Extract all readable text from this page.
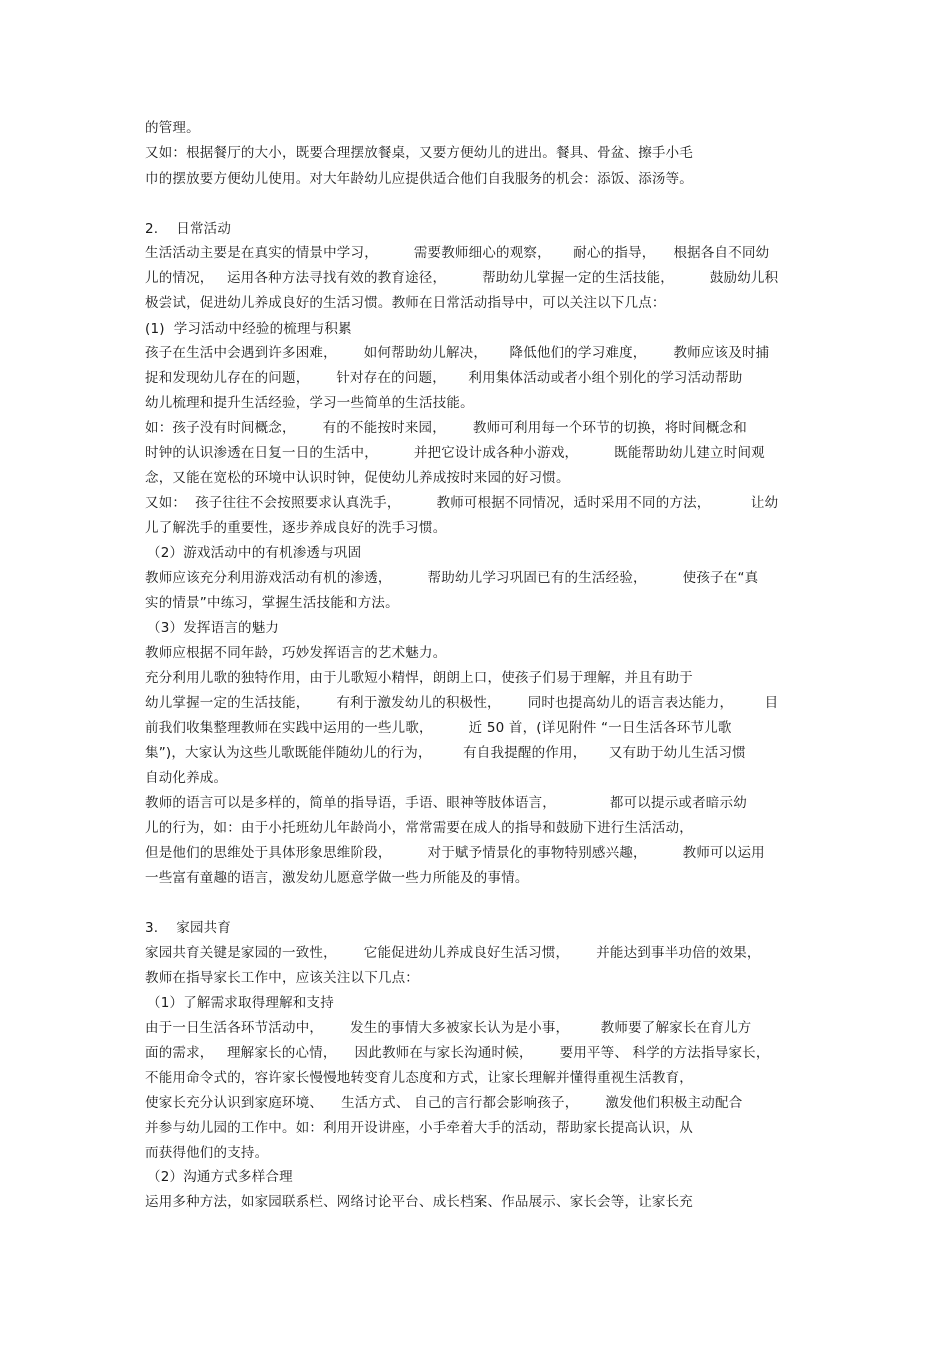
的管理。

又如：根据餐厅的大小，既要合理摆放餐桌，又要方便幼儿的进出。餐具、骨盆、擦手小毛

巾的摆放要方便幼儿使用。对大年龄幼儿应提供适合他们自我服务的机会：添饭、添汤等。

2.    日常活动

生活活动主要是在真实的情景中学习，        需要教师细心的观察，     耐心的指导，    根据各自不同幼

儿的情况，   运用各种方法寻找有效的教育途径，        帮助幼儿掌握一定的生活技能，        鼓励幼儿积

极尝试，促进幼儿养成良好的生活习惯。教师在日常活动指导中，可以关注以下几点：

(1)  学习活动中经验的梳理与积累

孩子在生活中会遇到许多困难，      如何帮助幼儿解决，     降低他们的学习难度，      教师应该及时捕

捉和发现幼儿存在的问题，      针对存在的问题，     利用集体活动或者小组个别化的学习活动帮助

幼儿梳理和提升生活经验，学习一些简单的生活技能。

如：孩子没有时间概念，      有的不能按时来园，      教师可利用每一个环节的切换，将时间概念和

时钟的认识渗透在日复一日的生活中，        并把它设计成各种小游戏，        既能帮助幼儿建立时间观

念，又能在宽松的环境中认识时钟，促使幼儿养成按时来园的好习惯。

又如：  孩子往往不会按照要求认真洗手，        教师可根据不同情况，适时采用不同的方法，         让幼

儿了解洗手的重要性，逐步养成良好的洗手习惯。

（2）游戏活动中的有机渗透与巩固

教师应该充分利用游戏活动有机的渗透，        帮助幼儿学习巩固已有的生活经验，        使孩子在“真

实的情景”中练习，掌握生活技能和方法。

（3）发挥语言的魅力

教师应根据不同年龄，巧妙发挥语言的艺术魅力。

充分利用儿歌的独特作用，由于儿歌短小精悍，朗朗上口，使孩子们易于理解，并且有助于

幼儿掌握一定的生活技能，      有利于激发幼儿的积极性，      同时也提高幼儿的语言表达能力，       目

前我们收集整理教师在实践中运用的一些儿歌，        近 50 首，(详见附件 “一日生活各环节儿歌

集”)，大家认为这些儿歌既能伴随幼儿的行为，       有自我提醒的作用，     又有助于幼儿生活习惯

自动化养成。

教师的语言可以是多样的，简单的指导语，手语、眼神等肢体语言，            都可以提示或者暗示幼

儿的行为，如：由于小托班幼儿年龄尚小，常常需要在成人的指导和鼓励下进行生活活动，

但是他们的思维处于具体形象思维阶段，        对于赋予情景化的事物特别感兴趣，        教师可以运用

一些富有童趣的语言，激发幼儿愿意学做一些力所能及的事情。

3.    家园共育

家园共育关键是家园的一致性，      它能促进幼儿养成良好生活习惯，      并能达到事半功倍的效果，

教师在指导家长工作中，应该关注以下几点：

（1）了解需求取得理解和支持

由于一日生活各环节活动中，      发生的事情大多被家长认为是小事，       教师要了解家长在育儿方

面的需求，   理解家长的心情，    因此教师在与家长沟通时候，      要用平等、 科学的方法指导家长，

不能用命令式的，容许家长慢慢地转变育儿态度和方式，让家长理解并懂得重视生活教育，

使家长充分认识到家庭环境、    生活方式、 自己的言行都会影响孩子，      激发他们积极主动配合

并参与幼儿园的工作中。如：利用开设讲座，小手牵着大手的活动，帮助家长提高认识，从

而获得他们的支持。

（2）沟通方式多样合理

运用多种方法，如家园联系栏、网络讨论平台、成长档案、作品展示、家长会等，让家长充
